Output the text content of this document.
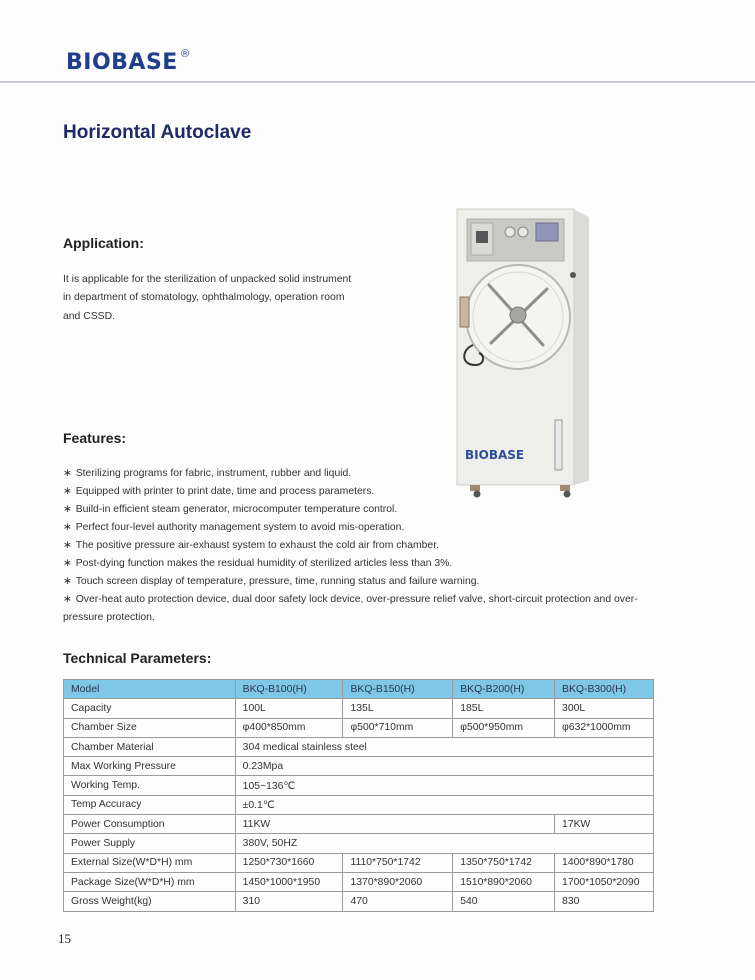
BIOBASE ®
Horizontal Autoclave
Application:
It is applicable for the sterilization of unpacked solid instrument
in department of stomatology, ophthalmology, operation room
and CSSD.
BIOBASE
Features:
∗ Sterilizing programs for fabric, instrument, rubber and liquid.
∗ Equipped with printer to print date, time and process parameters.
∗ Build-in efficient steam generator, microcomputer temperature control.
∗ Perfect four-level authority management system to avoid mis-operation.
∗ The positive pressure air-exhaust system to exhaust the cold air from chamber.
∗ Post-dying function makes the residual humidity of sterilized articles less than 3%.
∗ Touch screen display of temperature, pressure, time, running status and failure warning.
∗ Over-heat auto protection device, dual door safety lock device, over-pressure relief valve, short-circuit protection and over-pressure protection.
Technical Parameters:
Model	BKQ-B100(H)	BKQ-B150(H)	BKQ-B200(H)	BKQ-B300(H)
Capacity	100L	135L	185L	300L
Chamber Size	φ400*850mm	φ500*710mm	φ500*950mm	φ632*1000mm
Chamber Material	304 medical stainless steel			
Max Working Pressure	0.23Mpa			
Working Temp.	105~136℃			
Temp Accuracy	±0.1℃			
Power Consumption	11KW			17KW
Power Supply	380V, 50HZ			
External Size(W*D*H) mm	1250*730*1660	1110*750*1742	1350*750*1742	1400*890*1780
Package Size(W*D*H) mm	1450*1000*1950	1370*890*2060	1510*890*2060	1700*1050*2090
Gross Weight(kg)	310	470	540	830
15
